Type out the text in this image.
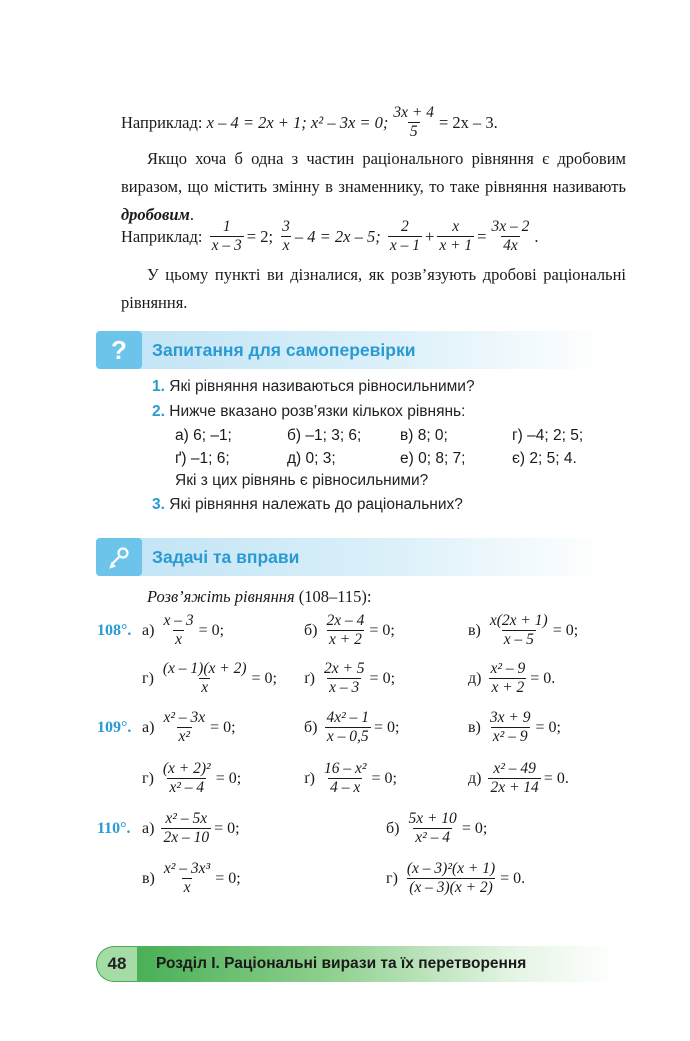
Наприклад:
x – 4 = 2x + 1;
x² – 3x = 0; $\frac{3x + 4}{5} = 2x - 3$.
Якщо хоча б одна з частин раціонального рівняння є дробовим виразом, що містить змінну в знаменнику, то таке рівняння називають дробовим.
Наприклад:
$\frac{1}{x - 3} = 2$;
$\frac{3}{x} - 4 = 2x - 5$;
$\frac{2}{x - 1} + \frac{x}{x + 1} = \frac{3x - 2}{4x}$ .
У цьому пункті ви дізналися, як розв’язують дробові раціональні рівняння.
?	Запитання для самоперевірки
1. Які рівняння називаються рівносильними?
2. Нижче вказано розв’язки кількох рівнянь:
а) 6; –1;	б) –1; 3; 6; в) 8; 0;	г) –4; 2; 5;
ґ) –1; 6;	д) 0; 3;	е) 0; 8; 7;	є) 2; 5; 4.
Які з цих рівнянь є рівносильними?
3. Які рівняння належать до раціональних?
Задачі та вправи
Розв’яжіть рівняння (108–115):
108°. $а) \frac{x - 3}{x} = 0$;	$б) \frac{2x - 4}{x + 2} = 0$;	$в) \frac{x(2x + 1)}{x - 5} = 0$;
$г) \frac{(x - 1)(x + 2)}{x} = 0$; $ґ) \frac{2x + 5}{x - 3} = 0$;	$д) \frac{\text{x² – 9}}{x + 2} = 0$.
109°. $а) \frac{\text{x² – 3x}}{\text{x²}} = 0$;	$б) \frac{\text{4x² – 1}}{x - 0,5} = 0$;	$в) \frac{3x + 9}{\text{x² – 9}} = 0$;
$г) \frac{\text{(x + 2)²}}{\text{x² – 4}} = 0$;	$ґ) \frac{\text{16 – x²}}{4 - x} = 0$;	$д) \frac{\text{x² – 49}}{2x + 14} = 0$.
110°. $а) \frac{\text{x² – 5x}}{2x - 10} = 0$;	$б) \frac{5x + 10}{\text{x² – 4}} = 0$;
$в) \frac{\text{x² – 3x³}}{x} = 0$;	$г) \frac{\text{(x – 3)²(x + 1)}}{(x - 3)(x + 2)} = 0$.
48	Розділ І. Раціональні вирази та їх перетворення
